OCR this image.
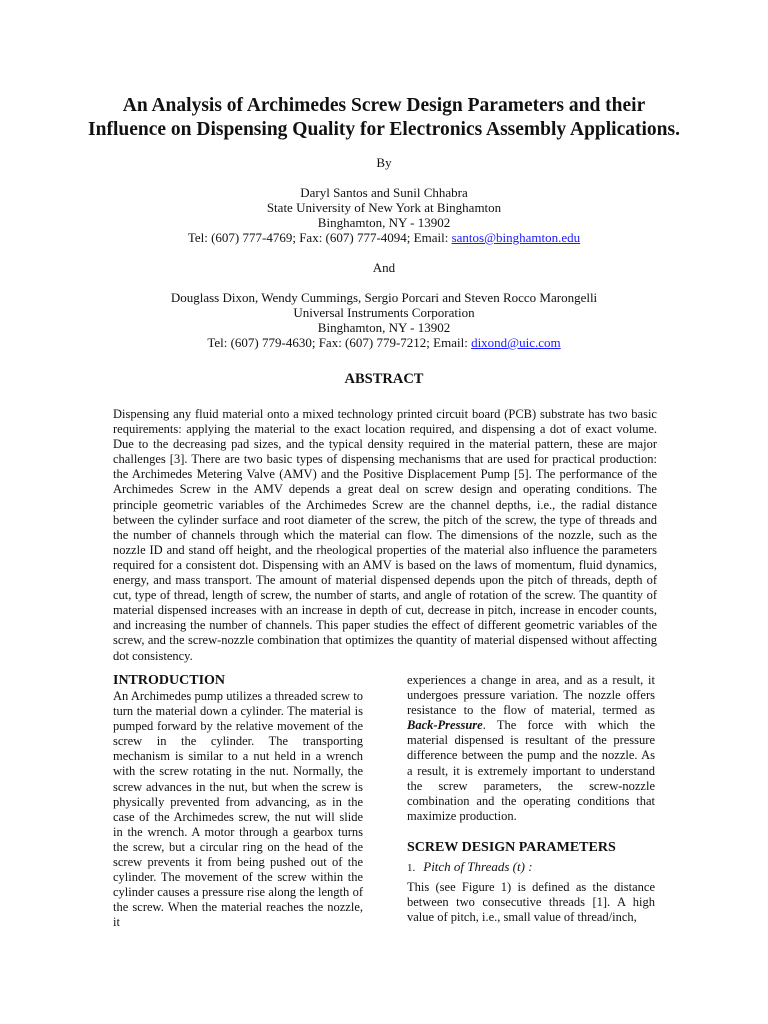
An Analysis of Archimedes Screw Design Parameters and their
Influence on Dispensing Quality for Electronics Assembly Applications.
By
Daryl Santos and Sunil Chhabra
State University of New York at Binghamton
Binghamton, NY - 13902
Tel: (607) 777-4769; Fax: (607) 777-4094; Email: santos@binghamton.edu
And
Douglass Dixon, Wendy Cummings, Sergio Porcari and Steven Rocco Marongelli
Universal Instruments Corporation
Binghamton, NY - 13902
Tel: (607) 779-4630; Fax: (607) 779-7212; Email: dixond@uic.com
ABSTRACT

Dispensing any fluid material onto a mixed technology printed circuit board (PCB) substrate has two basic requirements: applying the material to the exact location required, and dispensing a dot of exact volume. Due to the decreasing pad sizes, and the typical density required in the material pattern, these are major challenges [3]. There are two basic types of dispensing mechanisms that are used for practical production: the Archimedes Metering Valve (AMV) and the Positive Displacement Pump [5]. The performance of the Archimedes Screw in the AMV depends a great deal on screw design and operating conditions. The principle geometric variables of the Archimedes Screw are the channel depths, i.e., the radial distance between the cylinder surface and root diameter of the screw, the pitch of the screw, the type of threads and the number of channels through which the material can flow. The dimensions of the nozzle, such as the nozzle ID and stand off height, and the rheological properties of the material also influence the parameters required for a consistent dot. Dispensing with an AMV is based on the laws of momentum, fluid dynamics, energy, and mass transport. The amount of material dispensed depends upon the pitch of threads, depth of cut, type of thread, length of screw, the number of starts, and angle of rotation of the screw. The quantity of material dispensed increases with an increase in depth of cut, decrease in pitch, increase in encoder counts, and increasing the number of channels. This paper studies the effect of different geometric variables of the screw, and the screw-nozzle combination that optimizes the quantity of material dispensed without affecting dot consistency.

INTRODUCTION

An Archimedes pump utilizes a threaded screw to turn the material down a cylinder. The material is pumped forward by the relative movement of the screw in the cylinder. The transporting mechanism is similar to a nut held in a wrench with the screw rotating in the nut. Normally, the screw advances in the nut, but when the screw is physically prevented from advancing, as in the case of the Archimedes screw, the nut will slide in the wrench. A motor through a gearbox turns the screw, but a circular ring on the head of the screw prevents it from being pushed out of the cylinder. The movement of the screw within the cylinder causes a pressure rise along the length of the screw. When the material reaches the nozzle, it

experiences a change in area, and as a result, it undergoes pressure variation. The nozzle offers resistance to the flow of material, termed as Back-Pressure. The force with which the material dispensed is resultant of the pressure difference between the pump and the nozzle. As a result, it is extremely important to understand the screw parameters, the screw-nozzle combination and the operating conditions that maximize production.

SCREW DESIGN PARAMETERS
1. Pitch of Threads (t) :

This (see Figure 1) is defined as the distance between two consecutive threads [1]. A high value of pitch, i.e., small value of thread/inch,
